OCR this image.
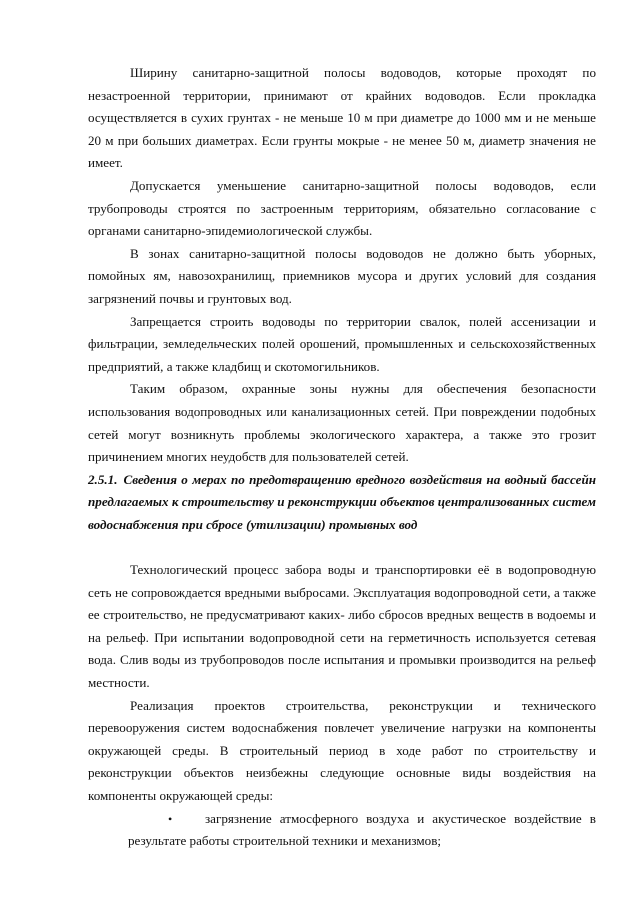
Ширину санитарно-защитной полосы водоводов, которые проходят по незастроенной территории, принимают от крайних водоводов. Если прокладка осуществляется в сухих грунтах - не меньше 10 м при диаметре до 1000 мм и не меньше 20 м при больших диаметрах. Если грунты мокрые - не менее 50 м, диаметр значения не имеет.

Допускается уменьшение санитарно-защитной полосы водоводов, если трубопроводы строятся по застроенным территориям, обязательно согласование с органами санитарно-эпидемиологической службы.

В зонах санитарно-защитной полосы водоводов не должно быть уборных, помойных ям, навозохранилищ, приемников мусора и других условий для создания загрязнений почвы и грунтовых вод.

Запрещается строить водоводы по территории свалок, полей ассенизации и фильтрации, земледельческих полей орошений, промышленных и сельскохозяйственных предприятий, а также кладбищ и скотомогильников.

Таким образом, охранные зоны нужны для обеспечения безопасности использования водопроводных или канализационных сетей. При повреждении подобных сетей могут возникнуть проблемы экологического характера, а также это грозит причинением многих неудобств для пользователей сетей.

2.5.1. Сведения о мерах по предотвращению вредного воздействия на водный бассейн предлагаемых к строительству и реконструкции объектов централизованных систем водоснабжения при сбросе (утилизации) промывных вод

Технологический процесс забора воды и транспортировки её в водопроводную сеть не сопровождается вредными выбросами. Эксплуатация водопроводной сети, а также ее строительство, не предусматривают каких- либо сбросов вредных веществ в водоемы и на рельеф. При испытании водопроводной сети на герметичность используется сетевая вода. Слив воды из трубопроводов после испытания и промывки производится на рельеф местности.

Реализация проектов строительства, реконструкции и технического перевооружения систем водоснабжения повлечет увеличение нагрузки на компоненты окружающей среды. В строительный период в ходе работ по строительству и реконструкции объектов неизбежны следующие основные виды воздействия на компоненты окружающей среды:

•	загрязнение атмосферного воздуха и акустическое воздействие в результате работы строительной техники и механизмов;
